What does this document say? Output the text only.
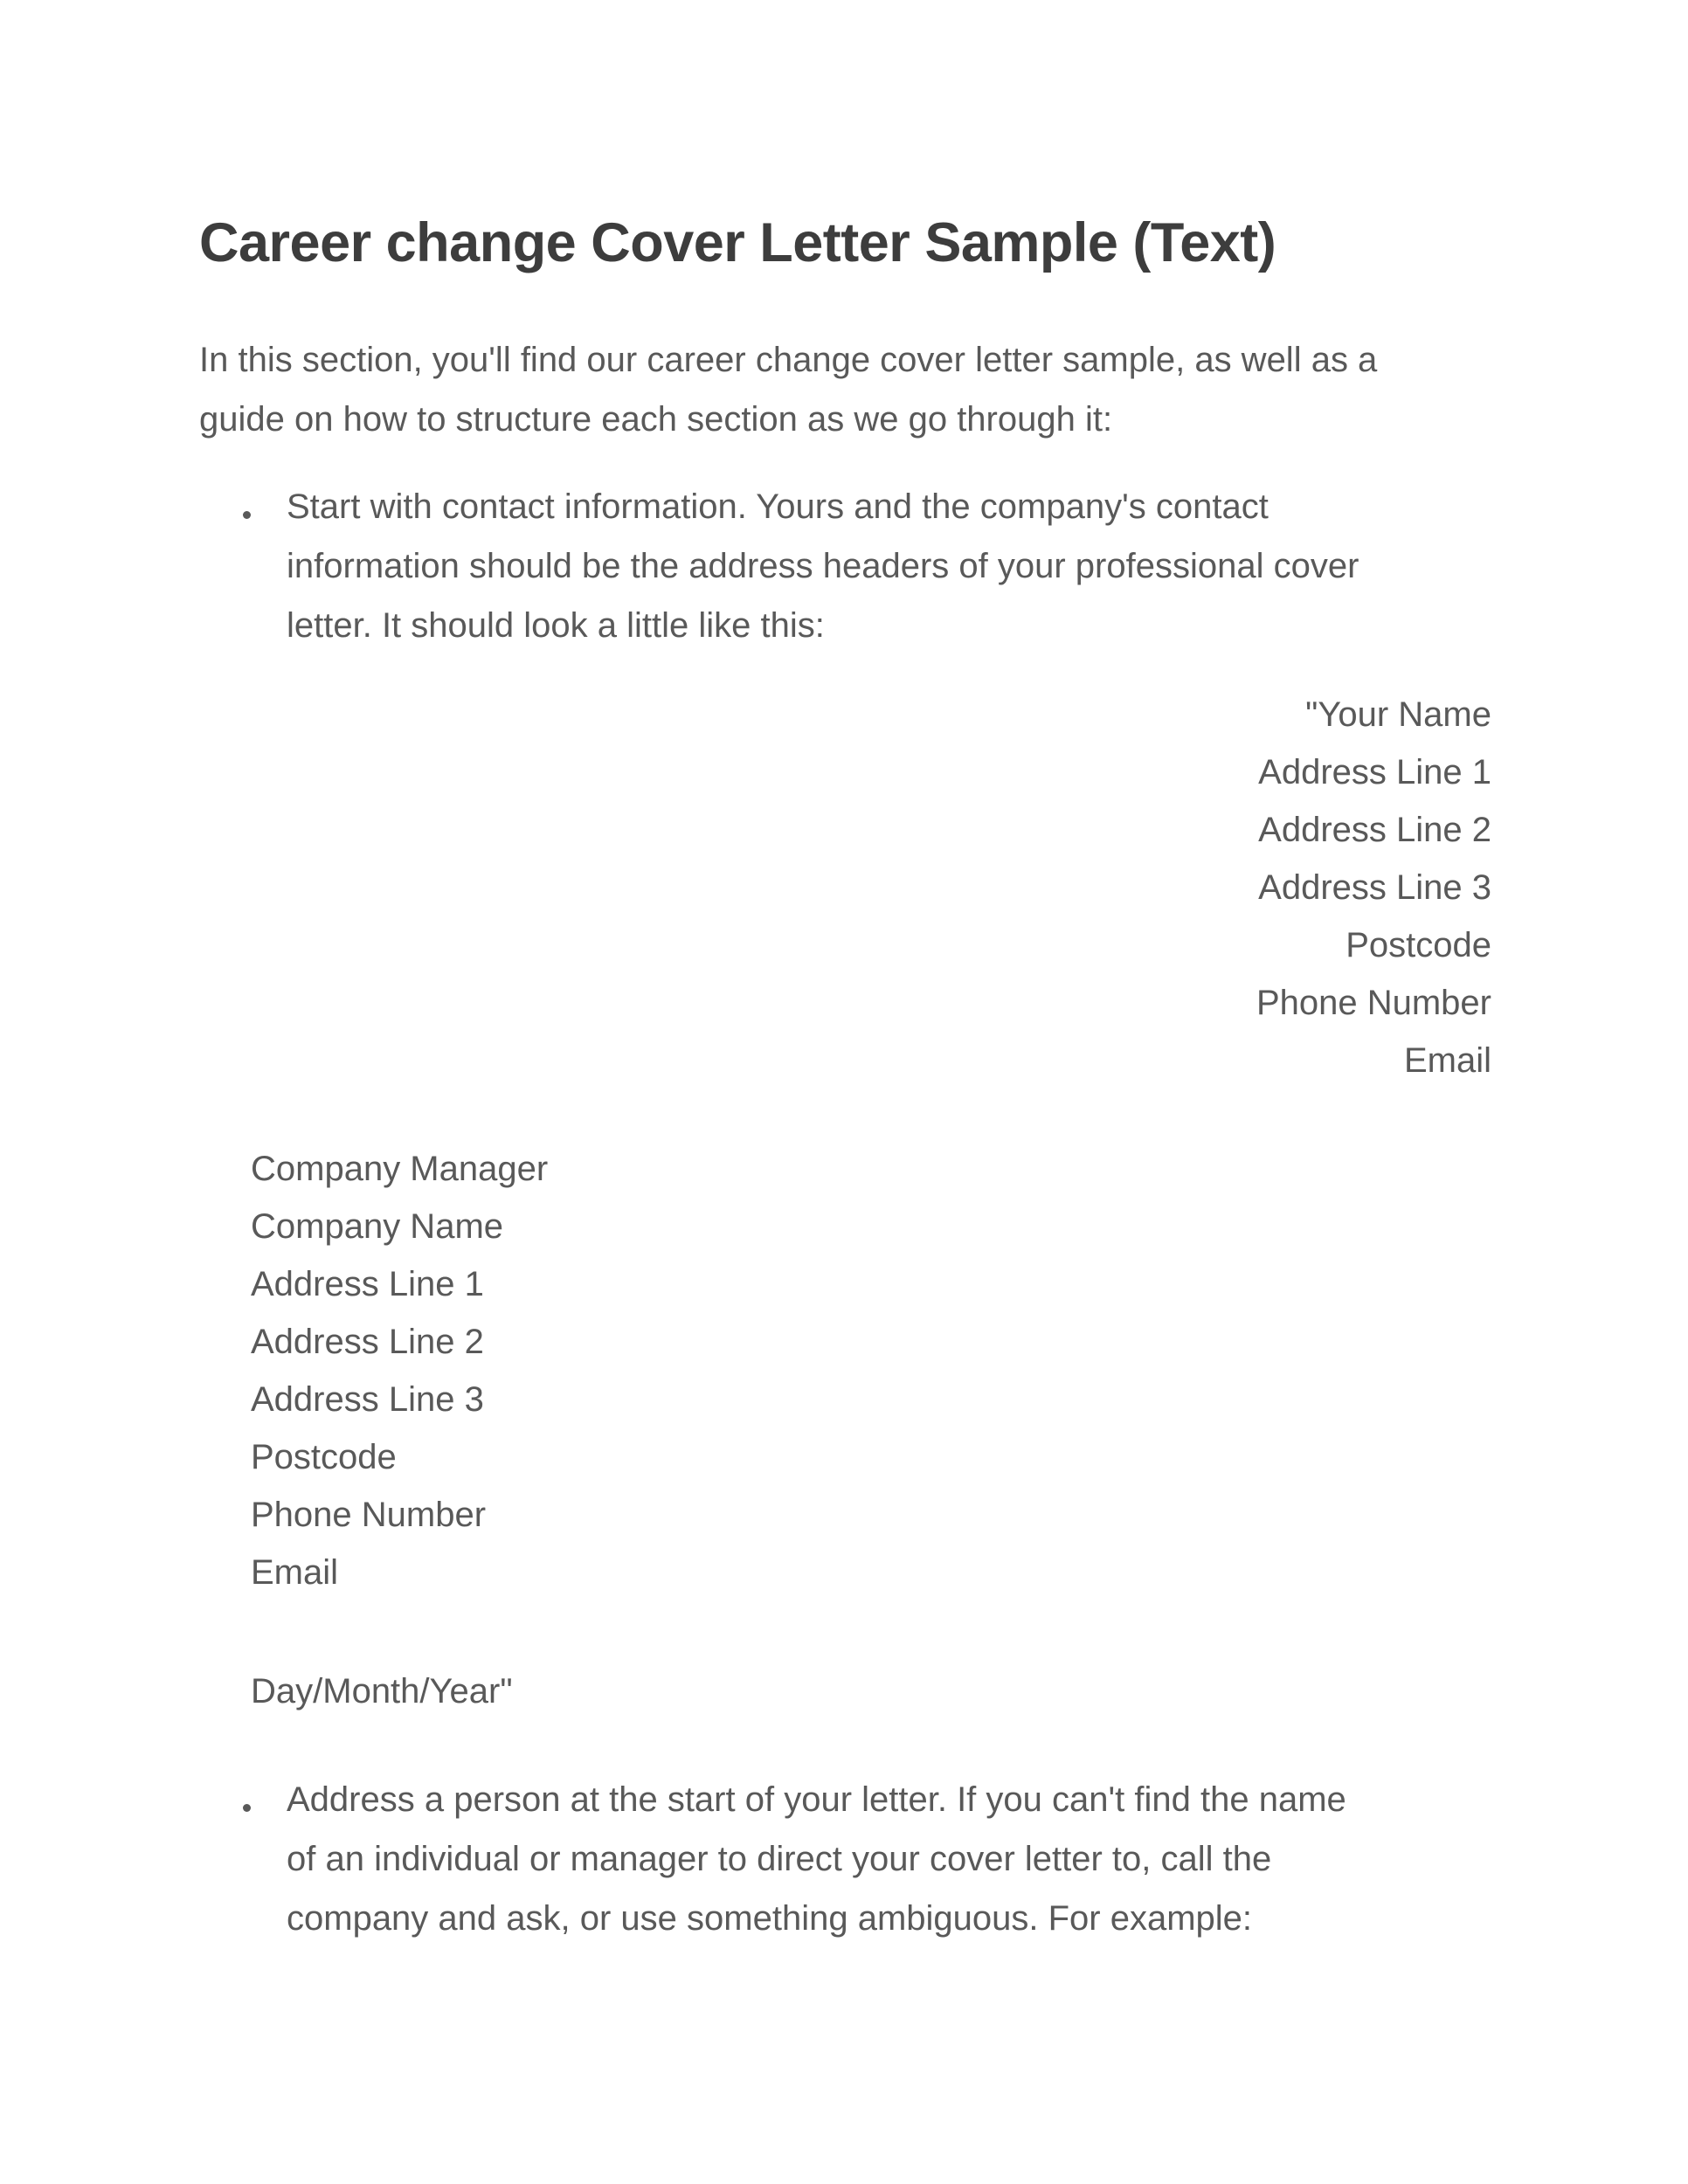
Career change Cover Letter Sample (Text)

In this section, you'll find our career change cover letter sample, as well as a
guide on how to structure each section as we go through it:

Start with contact information. Yours and the company's contact
information should be the address headers of your professional cover
letter. It should look a little like this:
"Your Name
Address Line 1
Address Line 2
Address Line 3
Postcode
Phone Number
Email
Company Manager
Company Name
Address Line 1
Address Line 2
Address Line 3
Postcode
Phone Number
Email

Day/Month/Year"

Address a person at the start of your letter. If you can't find the name
of an individual or manager to direct your cover letter to, call the
company and ask, or use something ambiguous. For example:
